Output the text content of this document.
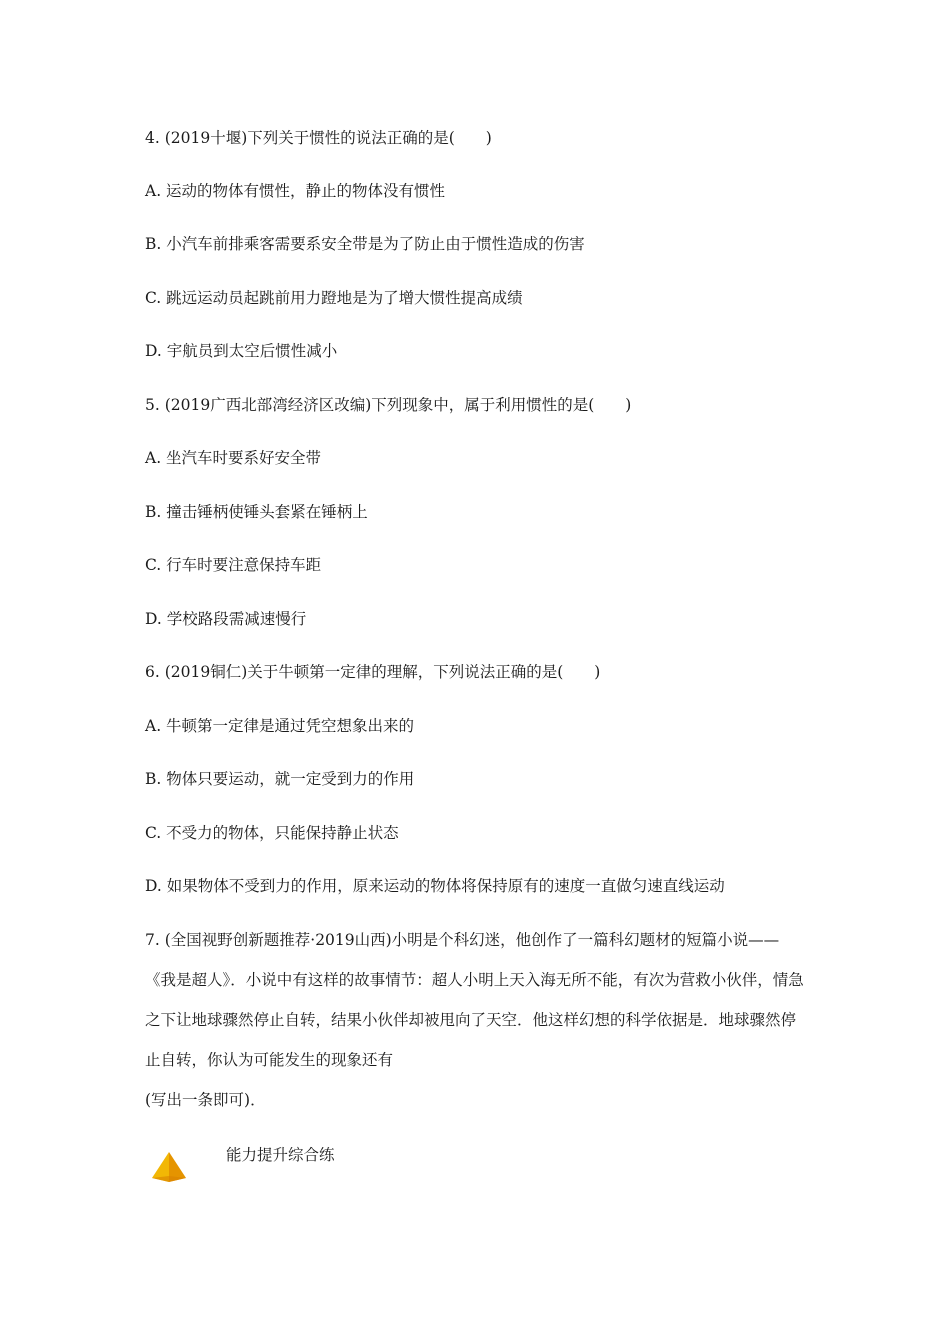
4. (2019十堰)下列关于惯性的说法正确的是(　　)
A. 运动的物体有惯性，静止的物体没有惯性
B. 小汽车前排乘客需要系安全带是为了防止由于惯性造成的伤害
C. 跳远运动员起跳前用力蹬地是为了增大惯性提高成绩
D. 宇航员到太空后惯性减小
5. (2019广西北部湾经济区改编)下列现象中，属于利用惯性的是(　　)
A. 坐汽车时要系好安全带
B. 撞击锤柄使锤头套紧在锤柄上
C. 行车时要注意保持车距
D. 学校路段需减速慢行
6. (2019铜仁)关于牛顿第一定律的理解，下列说法正确的是(　　)
A. 牛顿第一定律是通过凭空想象出来的
B. 物体只要运动，就一定受到力的作用
C. 不受力的物体，只能保持静止状态
D. 如果物体不受到力的作用，原来运动的物体将保持原有的速度一直做匀速直线运动
7. (全国视野创新题推荐·2019山西)小明是个科幻迷，他创作了一篇科幻题材的短篇小说——《我是超人》．小说中有这样的故事情节：超人小明上天入海无所不能，有次为营救小伙伴，情急之下让地球骤然停止自转，结果小伙伴却被甩向了天空．他这样幻想的科学依据是．地球骤然停止自转，你认为可能发生的现象还有
(写出一条即可)．
能力提升综合练
